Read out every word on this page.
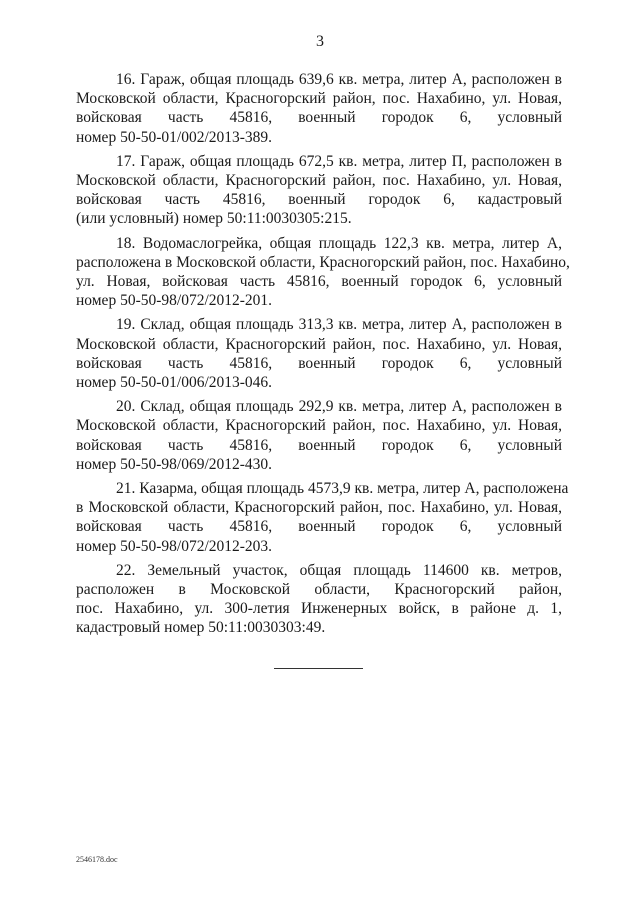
3
16. Гараж, общая площадь 639,6 кв. метра, литер А, расположен в
Московской области, Красногорский район, пос. Нахабино, ул. Новая,
войсковая часть 45816, военный городок 6, условный
номер 50-50-01/002/2013-389.
17. Гараж, общая площадь 672,5 кв. метра, литер П, расположен в
Московской области, Красногорский район, пос. Нахабино, ул. Новая,
войсковая часть 45816, военный городок 6, кадастровый
(или условный) номер 50:11:0030305:215.
18. Водомаслогрейка, общая площадь 122,3 кв. метра, литер А,
расположена в Московской области, Красногорский район, пос. Нахабино,
ул. Новая, войсковая часть 45816, военный городок 6, условный
номер 50-50-98/072/2012-201.
19. Склад, общая площадь 313,3 кв. метра, литер А, расположен в
Московской области, Красногорский район, пос. Нахабино, ул. Новая,
войсковая часть 45816, военный городок 6, условный
номер 50-50-01/006/2013-046.
20. Склад, общая площадь 292,9 кв. метра, литер А, расположен в
Московской области, Красногорский район, пос. Нахабино, ул. Новая,
войсковая часть 45816, военный городок 6, условный
номер 50-50-98/069/2012-430.
21. Казарма, общая площадь 4573,9 кв. метра, литер А, расположена
в Московской области, Красногорский район, пос. Нахабино, ул. Новая,
войсковая часть 45816, военный городок 6, условный
номер 50-50-98/072/2012-203.
22. Земельный участок, общая площадь 114600 кв. метров,
расположен в Московской области, Красногорский район,
пос. Нахабино, ул. 300-летия Инженерных войск, в районе д. 1,
кадастровый номер 50:11:0030303:49.
2546178.doc
